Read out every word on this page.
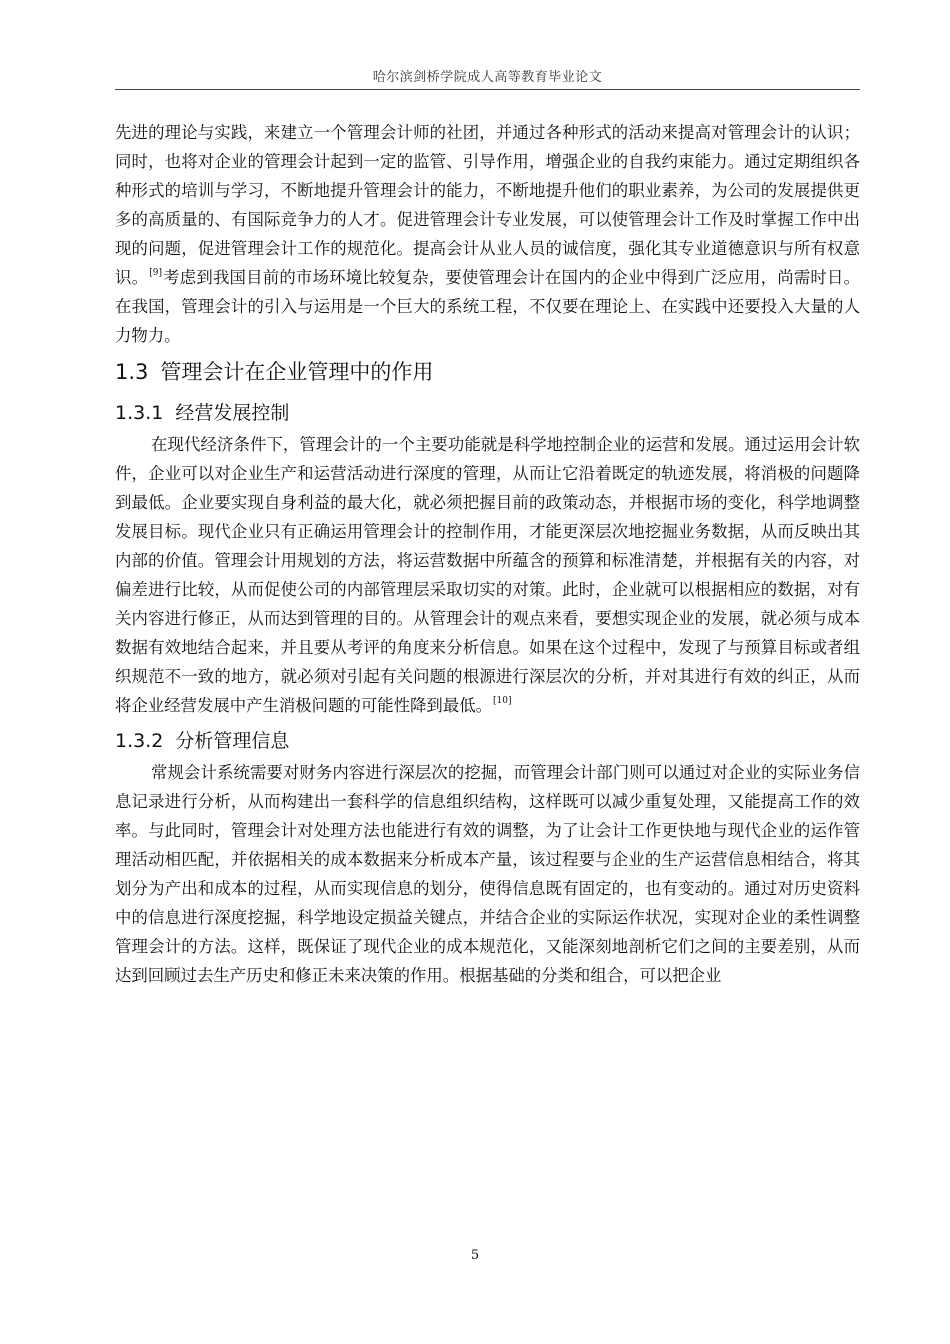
哈尔滨剑桥学院成人高等教育毕业论文

先进的理论与实践，来建立一个管理会计师的社团，并通过各种形式的活动来提高对管理会计的认识；同时，也将对企业的管理会计起到一定的监管、引导作用，增强企业的自我约束能力。通过定期组织各种形式的培训与学习，不断地提升管理会计的能力，不断地提升他们的职业素养，为公司的发展提供更多的高质量的、有国际竞争力的人才。促进管理会计专业发展，可以使管理会计工作及时掌握工作中出现的问题，促进管理会计工作的规范化。提高会计从业人员的诚信度，强化其专业道德意识与所有权意识。[9]考虑到我国目前的市场环境比较复杂，要使管理会计在国内的企业中得到广泛应用，尚需时日。在我国，管理会计的引入与运用是一个巨大的系统工程，不仅要在理论上、在实践中还要投入大量的人力物力。

1.3 管理会计在企业管理中的作用
1.3.1 经营发展控制

在现代经济条件下，管理会计的一个主要功能就是科学地控制企业的运营和发展。通过运用会计软件，企业可以对企业生产和运营活动进行深度的管理，从而让它沿着既定的轨迹发展，将消极的问题降到最低。企业要实现自身利益的最大化，就必须把握目前的政策动态，并根据市场的变化，科学地调整发展目标。现代企业只有正确运用管理会计的控制作用，才能更深层次地挖掘业务数据，从而反映出其内部的价值。管理会计用规划的方法，将运营数据中所蕴含的预算和标准清楚，并根据有关的内容，对偏差进行比较，从而促使公司的内部管理层采取切实的对策。此时，企业就可以根据相应的数据，对有关内容进行修正，从而达到管理的目的。从管理会计的观点来看，要想实现企业的发展，就必须与成本数据有效地结合起来，并且要从考评的角度来分析信息。如果在这个过程中，发现了与预算目标或者组织规范不一致的地方，就必须对引起有关问题的根源进行深层次的分析，并对其进行有效的纠正，从而将企业经营发展中产生消极问题的可能性降到最低。[10]

1.3.2 分析管理信息

常规会计系统需要对财务内容进行深层次的挖掘，而管理会计部门则可以通过对企业的实际业务信息记录进行分析，从而构建出一套科学的信息组织结构，这样既可以减少重复处理，又能提高工作的效率。与此同时，管理会计对处理方法也能进行有效的调整，为了让会计工作更快地与现代企业的运作管理活动相匹配，并依据相关的成本数据来分析成本产量，该过程要与企业的生产运营信息相结合，将其划分为产出和成本的过程，从而实现信息的划分，使得信息既有固定的，也有变动的。通过对历史资料中的信息进行深度挖掘，科学地设定损益关键点，并结合企业的实际运作状况，实现对企业的柔性调整管理会计的方法。这样，既保证了现代企业的成本规范化，又能深刻地剖析它们之间的主要差别，从而达到回顾过去生产历史和修正未来决策的作用。根据基础的分类和组合，可以把企业

5
